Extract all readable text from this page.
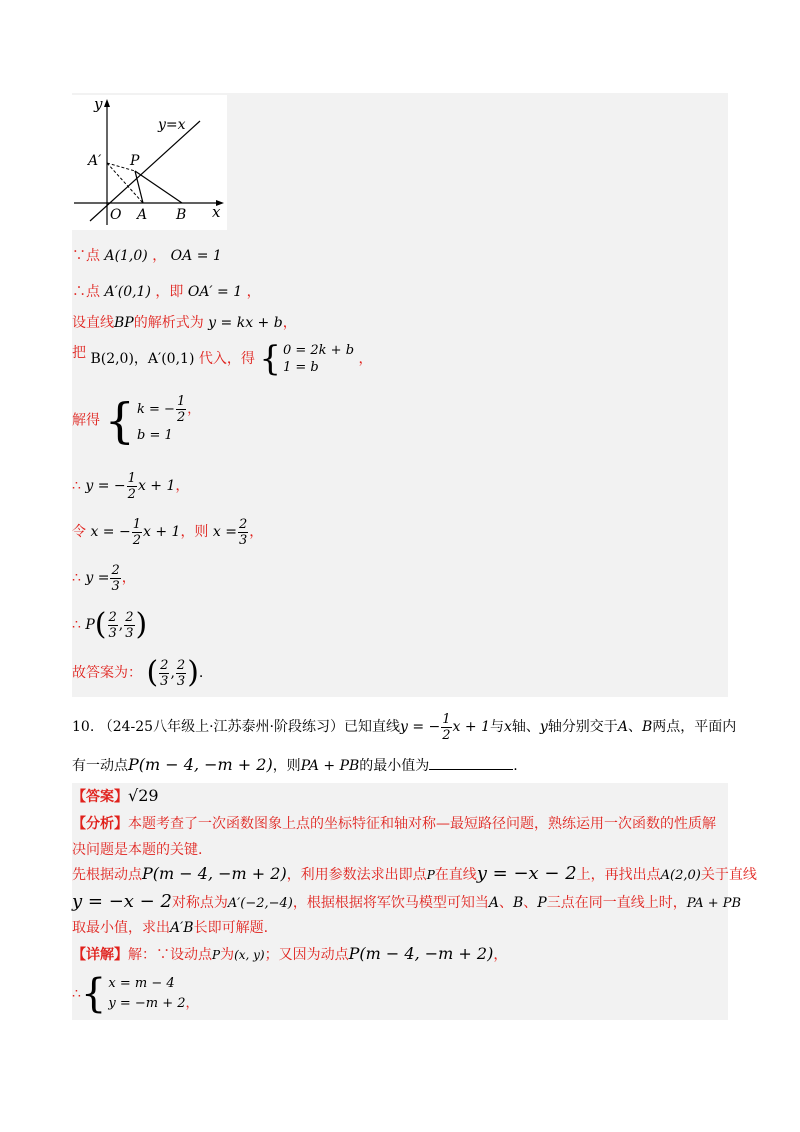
y
x
y=x
A′ P
O A B
∵点 A(1,0) ， OA = 1
∴点 A′(0,1) ，即 OA′ = 1 ，
设直线BP的解析式为 y = kx + b，
把 B(2,0)，A′(0,1) 代入，得 { 0 = 2k + b
1 = b ，
解得 { k = − $\frac{1}{2}$ ，
b = 1
∴ y = − $\frac{1}{2}$ x + 1，
令 x = − $\frac{1}{2}$ x + 1，则 $x = \frac{2}{3}$ ，
∴ $y = \frac{2}{3}$ ，
∴ $P( \frac{2}{3}$ , $\frac{2}{3}$ )
故答案为： ( $\frac{2}{3}$ , $\frac{2}{3}$ ).
10. （24-25八年级上·江苏泰州·阶段练习）已知直线y = − $\frac{1}{2}$ x + 1与x轴、y轴分别交于A、B两点，平面内
有一动点P(m − 4, −m + 2)，则PA + PB的最小值为	.
【答案】√29
【分析】本题考查了一次函数图象上点的坐标特征和轴对称—最短路径问题，熟练运用一次函数的性质解
决问题是本题的关键.
先根据动点P(m − 4, −m + 2)，利用参数法求出即点P在直线y = −x − 2上，再找出点A(2,0)关于直线
y = −x − 2对称点为A′(−2,−4)，根据根据将军饮马模型可知当A、B、P三点在同一直线上时，PA + PB
取最小值，求出A′B长即可解题.
【详解】解：∵设动点P为(x, y)；又因为动点P(m − 4, −m + 2)，
∴{ x = m − 4
y = −m + 2，
